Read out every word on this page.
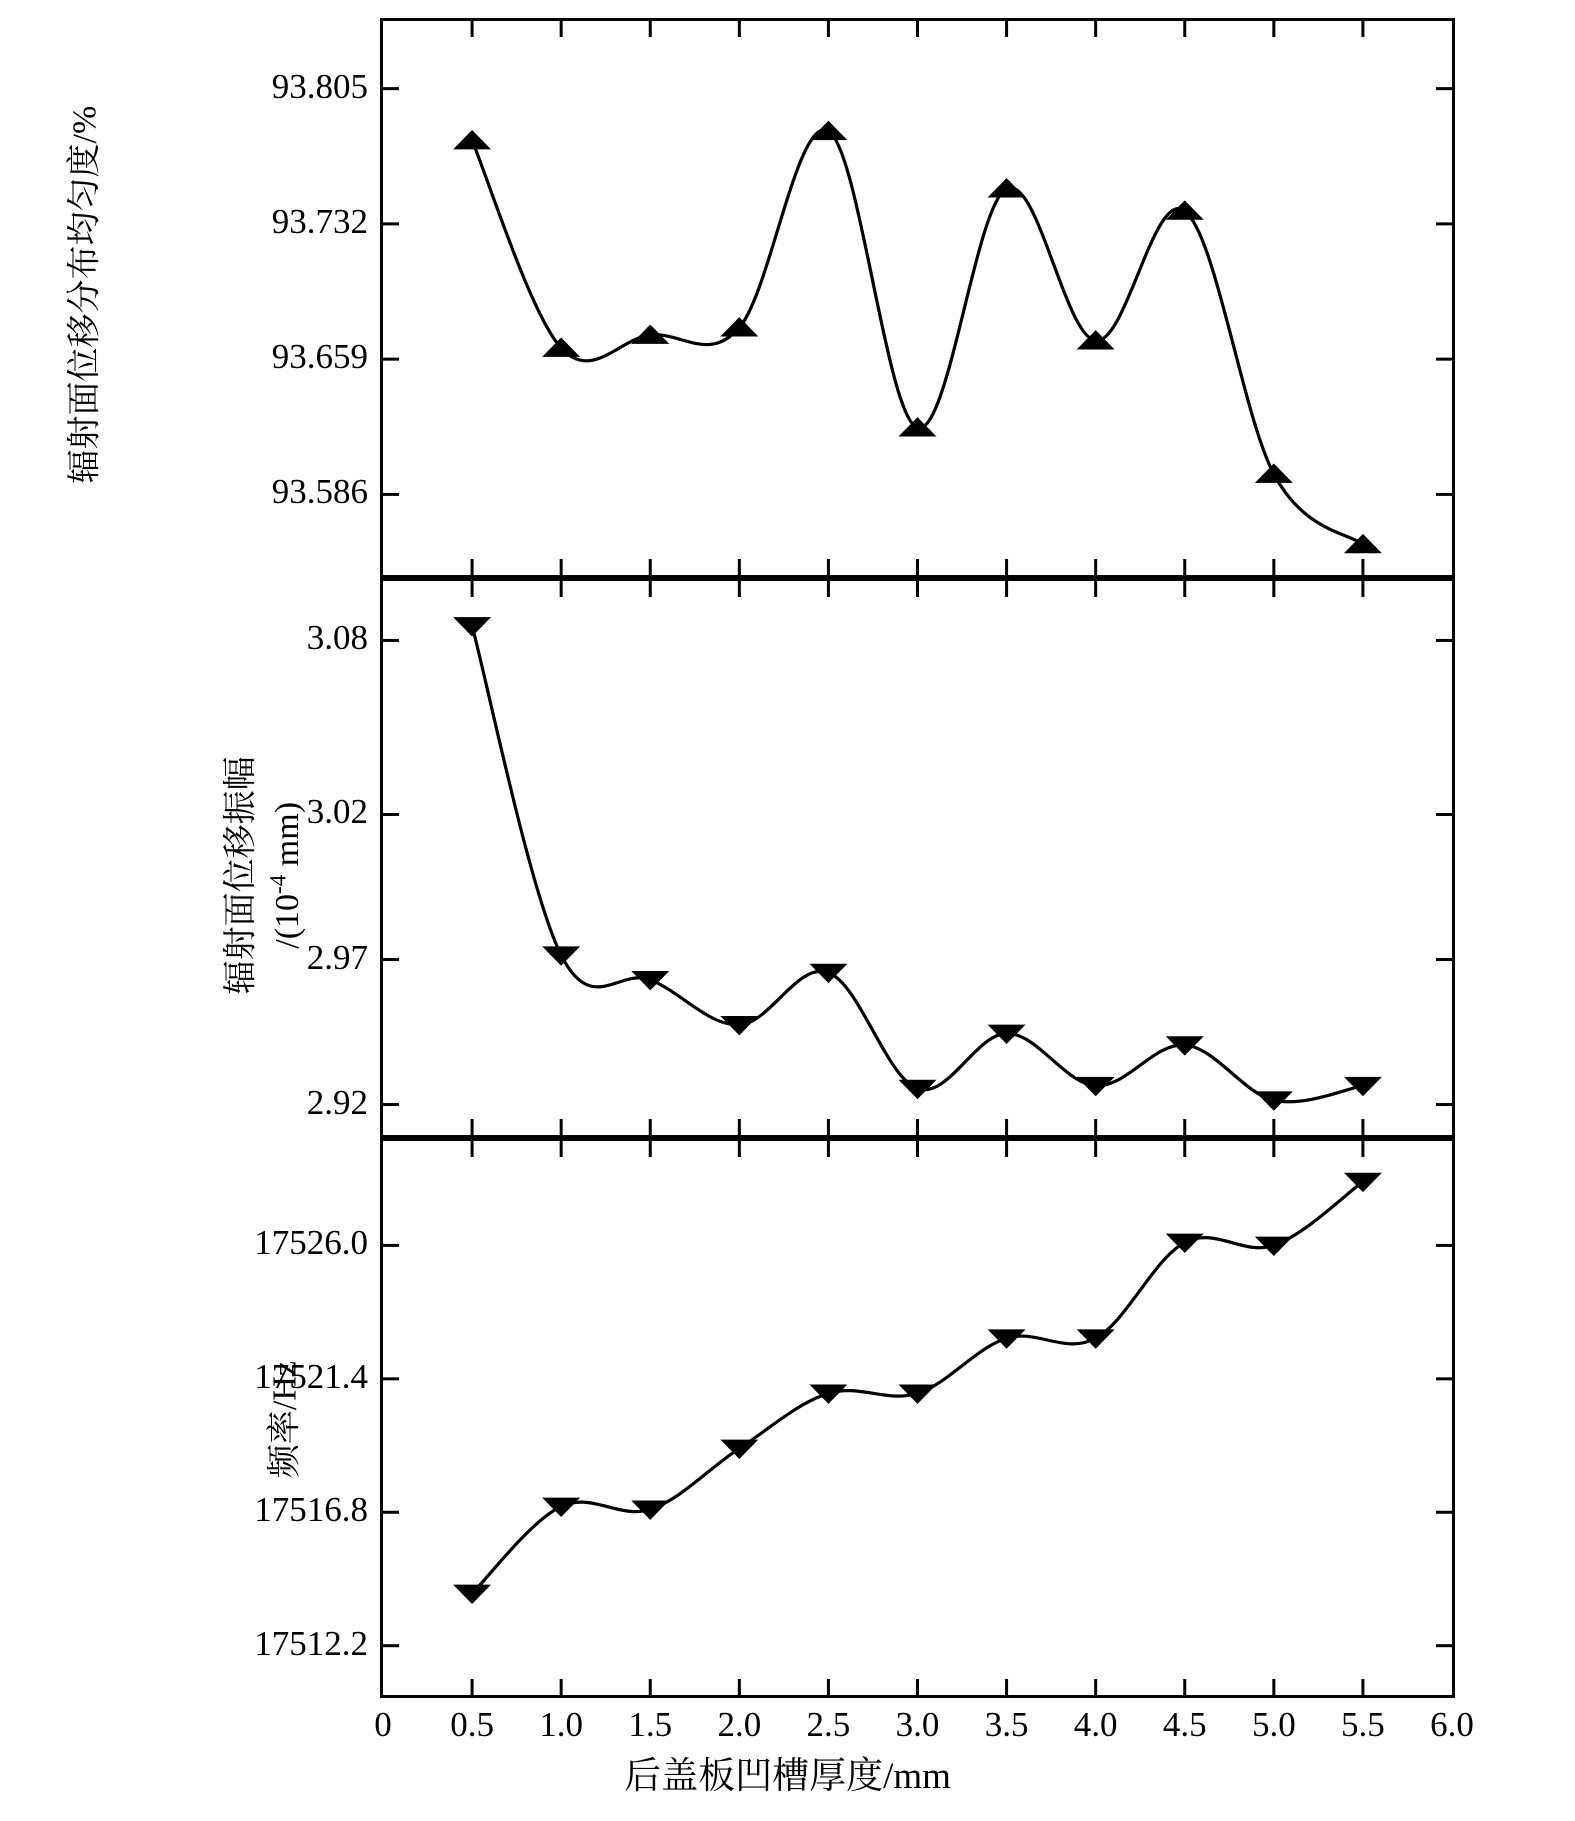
辐射面位移分布均匀度/%
辐射面位移振幅 $/(10^{-4}$ mm)
频率/Hz
93.586
93.659
93.732
93.805
2.92
2.97
3.02
3.08
17512.2
17516.8
17521.4
17526.0
0	0.5	1.0	1.5	2.0	2.5	3.0	3.5	4.0	4.5	5.0	5.5	6.0
后盖板凹槽厚度/mm
